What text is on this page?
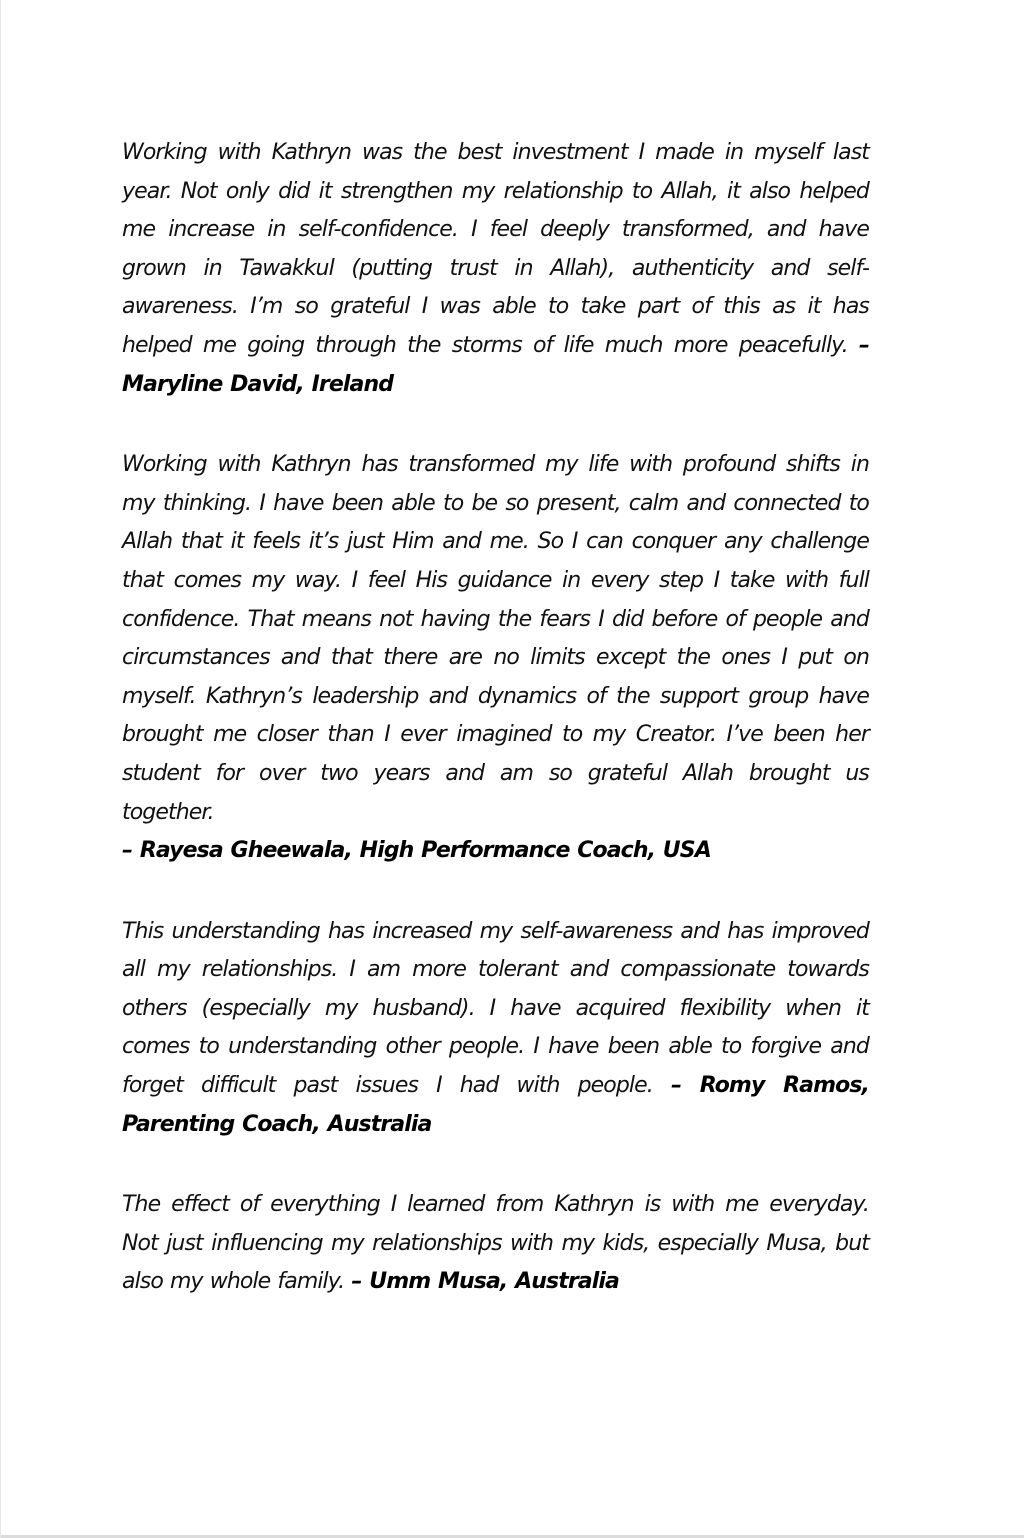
Working with Kathryn was the best investment I made in myself last year. Not only did it strengthen my relationship to Allah, it also helped me increase in self-confidence. I feel deeply transformed, and have grown in Tawakkul (putting trust in Allah), authenticity and self-awareness. I’m so grateful I was able to take part of this as it has helped me going through the storms of life much more peacefully. – Maryline David, Ireland

Working with Kathryn has transformed my life with profound shifts in my thinking. I have been able to be so present, calm and connected to Allah that it feels it’s just Him and me. So I can conquer any challenge that comes my way. I feel His guidance in every step I take with full confidence. That means not having the fears I did before of people and circumstances and that there are no limits except the ones I put on myself. Kathryn’s leadership and dynamics of the support group have brought me closer than I ever imagined to my Creator. I’ve been her student for over two years and am so grateful Allah brought us together.
– Rayesa Gheewala, High Performance Coach, USA

This understanding has increased my self-awareness and has improved all my relationships. I am more tolerant and compassionate towards others (especially my husband). I have acquired flexibility when it comes to understanding other people. I have been able to forgive and forget difficult past issues I had with people. – Romy Ramos, Parenting Coach, Australia

The effect of everything I learned from Kathryn is with me everyday. Not just influencing my relationships with my kids, especially Musa, but also my whole family. – Umm Musa, Australia
